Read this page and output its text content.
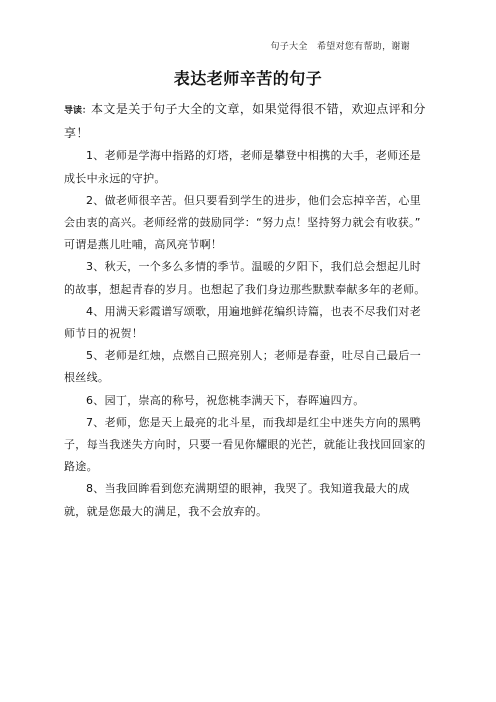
句子大全　希望对您有帮助，谢谢
表达老师辛苦的句子

导读：本文是关于句子大全的文章，如果觉得很不错，欢迎点评和分享！

1、老师是学海中指路的灯塔，老师是攀登中相携的大手，老师还是成长中永远的守护。

2、做老师很辛苦。但只要看到学生的进步，他们会忘掉辛苦，心里会由衷的高兴。老师经常的鼓励同学：“努力点！坚持努力就会有收获。” 可谓是燕儿吐哺，高风亮节啊！

3、秋天，一个多么多情的季节。温暖的夕阳下，我们总会想起儿时的故事，想起青春的岁月。也想起了我们身边那些默默奉献多年的老师。

4、用满天彩霞谱写颂歌，用遍地鲜花编织诗篇，也表不尽我们对老师节日的祝贺！

5、老师是红烛，点燃自己照亮别人；老师是春蚕，吐尽自己最后一根丝线。

6、园丁，崇高的称号，祝您桃李满天下，春晖遍四方。

7、老师，您是天上最亮的北斗星，而我却是红尘中迷失方向的黑鸭子，每当我迷失方向时，只要一看见你耀眼的光芒，就能让我找回回家的路途。

8、当我回眸看到您充满期望的眼神，我哭了。我知道我最大的成就，就是您最大的满足，我不会放弃的。
